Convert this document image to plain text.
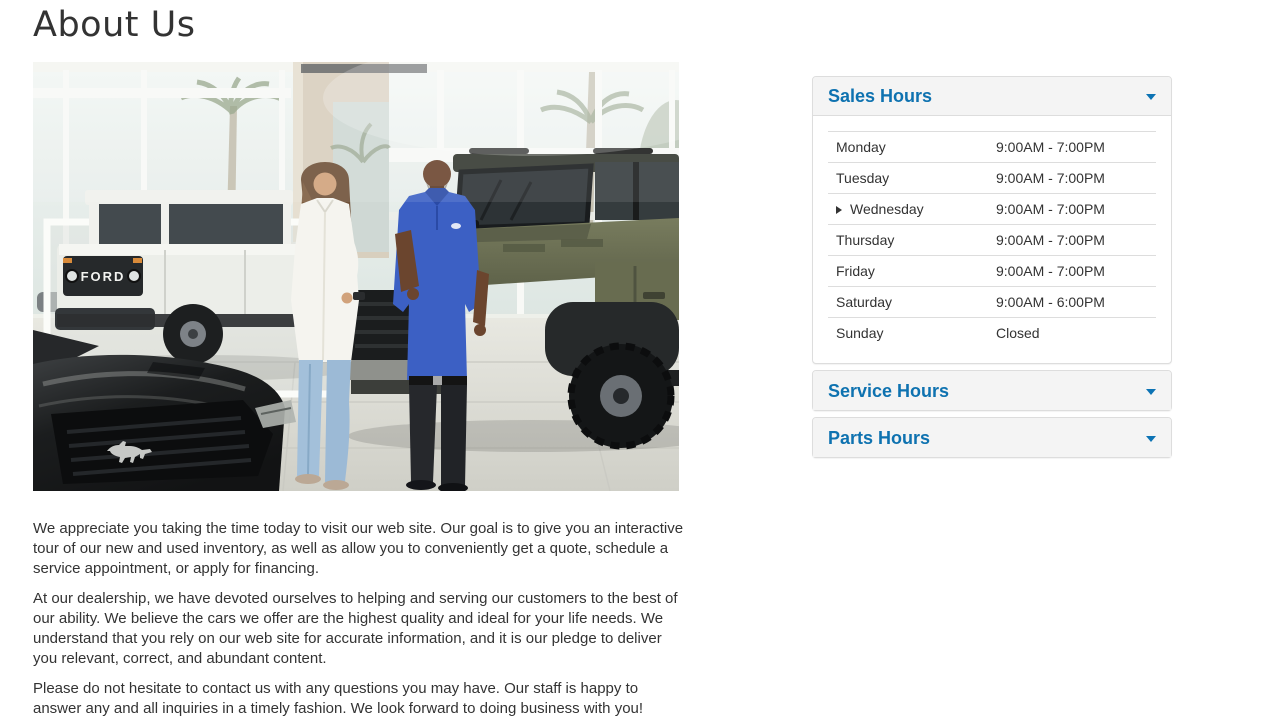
About Us
FORD

We appreciate you taking the time today to visit our web site. Our goal is to give you an interactive tour of our new and used inventory, as well as allow you to conveniently get a quote, schedule a service appointment, or apply for financing.

At our dealership, we have devoted ourselves to helping and serving our customers to the best of our ability. We believe the cars we offer are the highest quality and ideal for your life needs. We understand that you rely on our web site for accurate information, and it is our pledge to deliver you relevant, correct, and abundant content.

Please do not hesitate to contact us with any questions you may have. Our staff is happy to answer any and all inquiries in a timely fashion. We look forward to doing business with you!

Sales Hours
Monday	9:00AM - 7:00PM
Tuesday	9:00AM - 7:00PM
Wednesday	9:00AM - 7:00PM
Thursday	9:00AM - 7:00PM
Friday	9:00AM - 7:00PM
Saturday	9:00AM - 6:00PM
Sunday	Closed
Service Hours
Parts Hours
